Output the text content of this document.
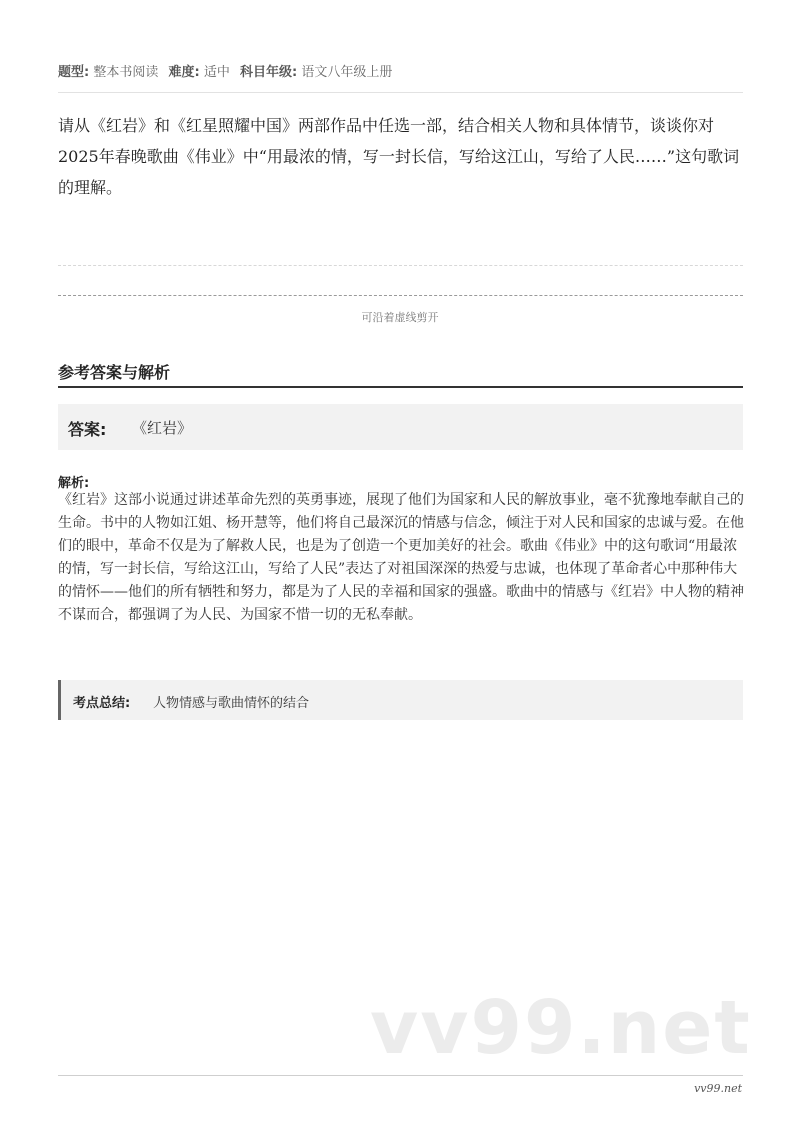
题型: 整本书阅读 难度: 适中 科目年级: 语文八年级上册
请从《红岩》和《红星照耀中国》两部作品中任选一部，结合相关人物和具体情节，谈谈你对2025年春晚歌曲《伟业》中“用最浓的情，写一封长信，写给这江山，写给了人民……”这句歌词的理解。
可沿着虚线剪开
参考答案与解析
答案: 《红岩》
解析:
《红岩》这部小说通过讲述革命先烈的英勇事迹，展现了他们为国家和人民的解放事业，毫不犹豫地奉献自己的生命。书中的人物如江姐、杨开慧等，他们将自己最深沉的情感与信念，倾注于对人民和国家的忠诚与爱。在他们的眼中，革命不仅是为了解救人民，也是为了创造一个更加美好的社会。歌曲《伟业》中的这句歌词“用最浓的情，写一封长信，写给这江山，写给了人民”表达了对祖国深深的热爱与忠诚，也体现了革命者心中那种伟大的情怀——他们的所有牺牲和努力，都是为了人民的幸福和国家的强盛。歌曲中的情感与《红岩》中人物的精神不谋而合，都强调了为人民、为国家不惜一切的无私奉献。
考点总结: 人物情感与歌曲情怀的结合
vv99.net
vv99.net
